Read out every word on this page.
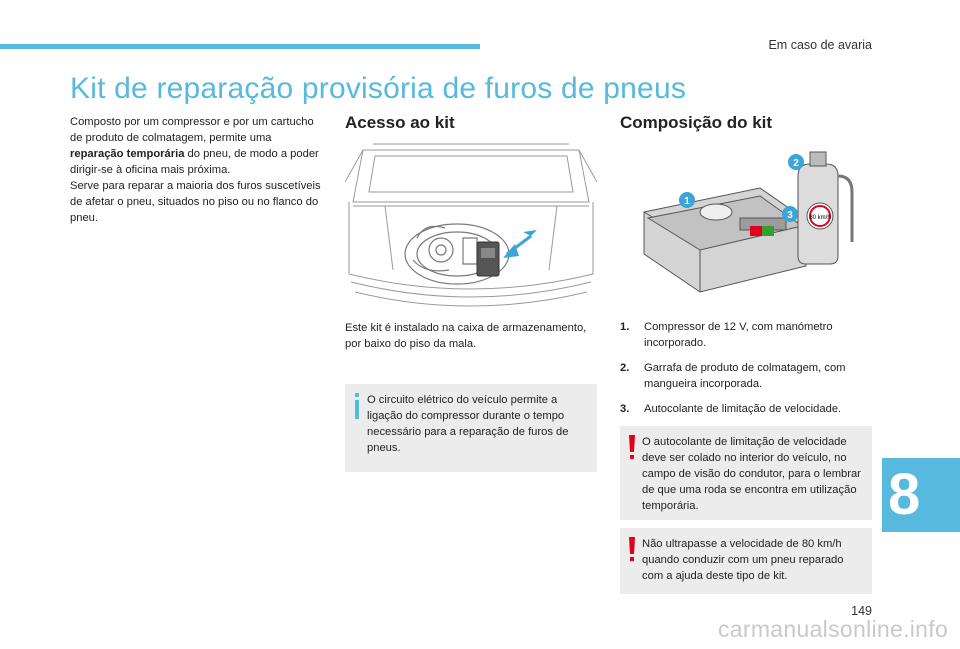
Em caso de avaria
Kit de reparação provisória de furos de pneus
Composto por um compressor e por um cartucho de produto de colmatagem, permite uma reparação temporária do pneu, de modo a poder dirigir-se à oficina mais próxima.
Serve para reparar a maioria dos furos suscetíveis de afetar o pneu, situados no piso ou no flanco do pneu.
Acesso ao kit
Este kit é instalado na caixa de armazenamento, por baixo do piso da mala.
O circuito elétrico do veículo permite a ligação do compressor durante o tempo necessário para a reparação de furos de pneus.
Composição do kit
80 km/h
1
2
3
1. Compressor de 12 V, com manómetro incorporado.
2. Garrafa de produto de colmatagem, com mangueira incorporada.
3. Autocolante de limitação de velocidade.
O autocolante de limitação de velocidade deve ser colado no interior do veículo, no campo de visão do condutor, para o lembrar de que uma roda se encontra em utilização temporária.
Não ultrapasse a velocidade de 80 km/h quando conduzir com um pneu reparado com a ajuda deste tipo de kit.
8
149
carmanualsonline.info
